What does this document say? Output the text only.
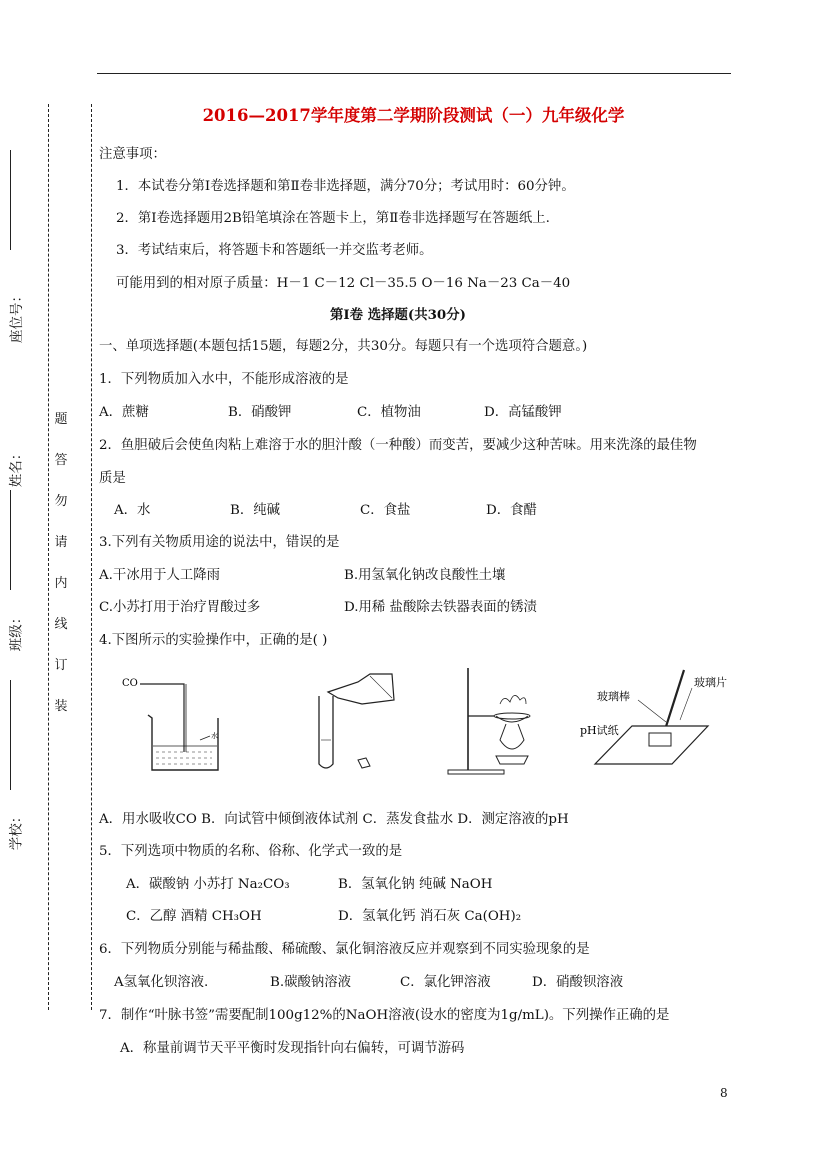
2016—2017学年度第二学期阶段测试（一）九年级化学
座位号：
姓名：
班级：
学校：
题
答
勿
请
内
线
订
装
注意事项：
1．本试卷分第Ⅰ卷选择题和第Ⅱ卷非选择题，满分70分；考试用时：60分钟。
2．第Ⅰ卷选择题用2B铅笔填涂在答题卡上，第Ⅱ卷非选择题写在答题纸上.
3．考试结束后，将答题卡和答题纸一并交监考老师。
可能用到的相对原子质量：H－1 C－12 Cl－35.5 O－16 Na－23 Ca－40
第Ⅰ卷 选择题(共30分)
一、单项选择题(本题包括15题，每题2分，共30分。每题只有一个选项符合题意。)
1．下列物质加入水中，不能形成溶液的是
A．蔗糖	B．硝酸钾	C．植物油	D．高锰酸钾
2．鱼胆破后会使鱼肉粘上难溶于水的胆汁酸（一种酸）而变苦，要减少这种苦味。用来洗涤的最佳物
质是
A．水	B．纯碱	C．食盐	D．食醋
3.下列有关物质用途的说法中，错误的是
A.干冰用于人工降雨	B.用氢氧化钠改良酸性土壤
C.小苏打用于治疗胃酸过多	D.用稀 盐酸除去铁器表面的锈渍
4.下图所示的实验操作中，正确的是( )
CO
水
玻璃棒
玻璃片
pH试纸
A．用水吸收CO B．向试管中倾倒液体试剂 C．蒸发食盐水 D．测定溶液的pH
5．下列选项中物质的名称、俗称、化学式一致的是
A．碳酸钠 小苏打 Na₂CO₃	B．氢氧化钠 纯碱 NaOH
C．乙醇 酒精 CH₃OH	D．氢氧化钙 消石灰 Ca(OH)₂
6．下列物质分别能与稀盐酸、稀硫酸、氯化铜溶液反应并观察到不同实验现象的是
A氢氧化钡溶液.	B.碳酸钠溶液	C．氯化钾溶液	D．硝酸钡溶液
7．制作“叶脉书签”需要配制100g12%的NaOH溶液(设水的密度为1g/mL)。下列操作正确的是
A．称量前调节天平平衡时发现指针向右偏转，可调节游码
8
